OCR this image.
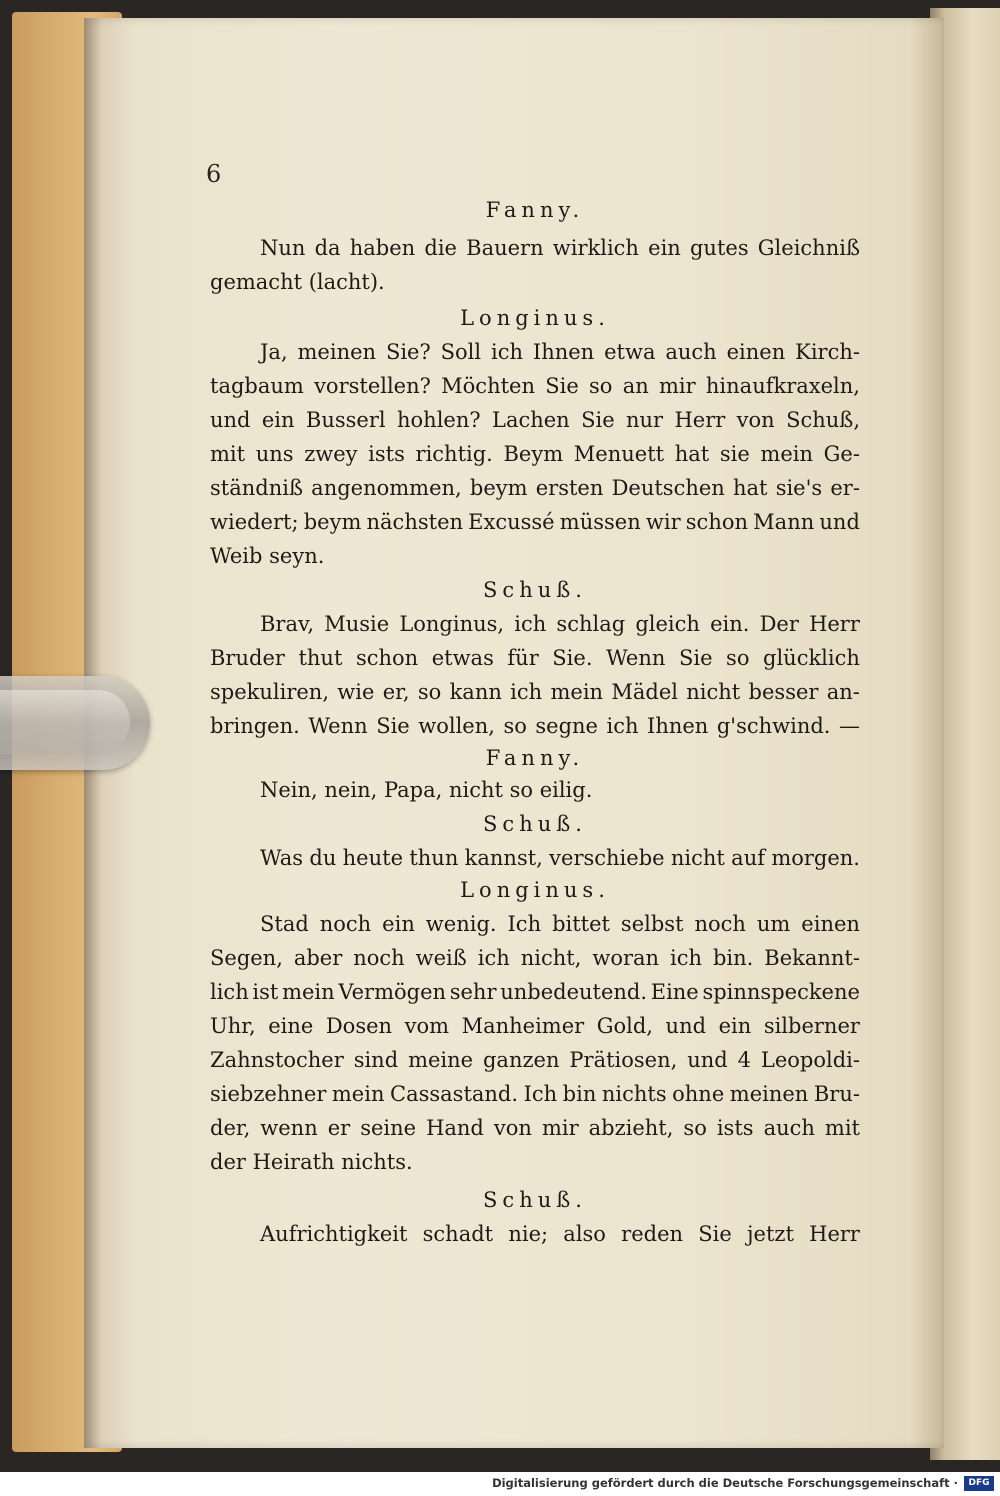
6
Fanny.
Nun da haben die Bauern wirklich ein gutes Gleichniß
gemacht (lacht).
Longinus.
Ja, meinen Sie? Soll ich Ihnen etwa auch einen Kirch-
tagbaum vorstellen? Möchten Sie so an mir hinaufkraxeln,
und ein Busserl hohlen? Lachen Sie nur Herr von Schuß,
mit uns zwey ists richtig. Beym Menuett hat sie mein Ge-
ständniß angenommen, beym ersten Deutschen hat sie's er-
wiedert; beym nächsten Excussé müssen wir schon Mann und
Weib seyn.
Schuß.
Brav, Musie Longinus, ich schlag gleich ein. Der Herr
Bruder thut schon etwas für Sie. Wenn Sie so glücklich
spekuliren, wie er, so kann ich mein Mädel nicht besser an-
bringen. Wenn Sie wollen, so segne ich Ihnen g'schwind. —
Fanny.
Nein, nein, Papa, nicht so eilig.
Schuß.
Was du heute thun kannst, verschiebe nicht auf morgen.
Longinus.
Stad noch ein wenig. Ich bittet selbst noch um einen
Segen, aber noch weiß ich nicht, woran ich bin. Bekannt-
lich ist mein Vermögen sehr unbedeutend. Eine spinnspeckene
Uhr, eine Dosen vom Manheimer Gold, und ein silberner
Zahnstocher sind meine ganzen Prätiosen, und 4 Leopoldi-
siebzehner mein Cassastand. Ich bin nichts ohne meinen Bru-
der, wenn er seine Hand von mir abzieht, so ists auch mit
der Heirath nichts.
Schuß.
Aufrichtigkeit schadt nie; also reden Sie jetzt Herr
Digitalisierung gefördert durch die Deutsche Forschungsgemeinschaft ·	DFG
